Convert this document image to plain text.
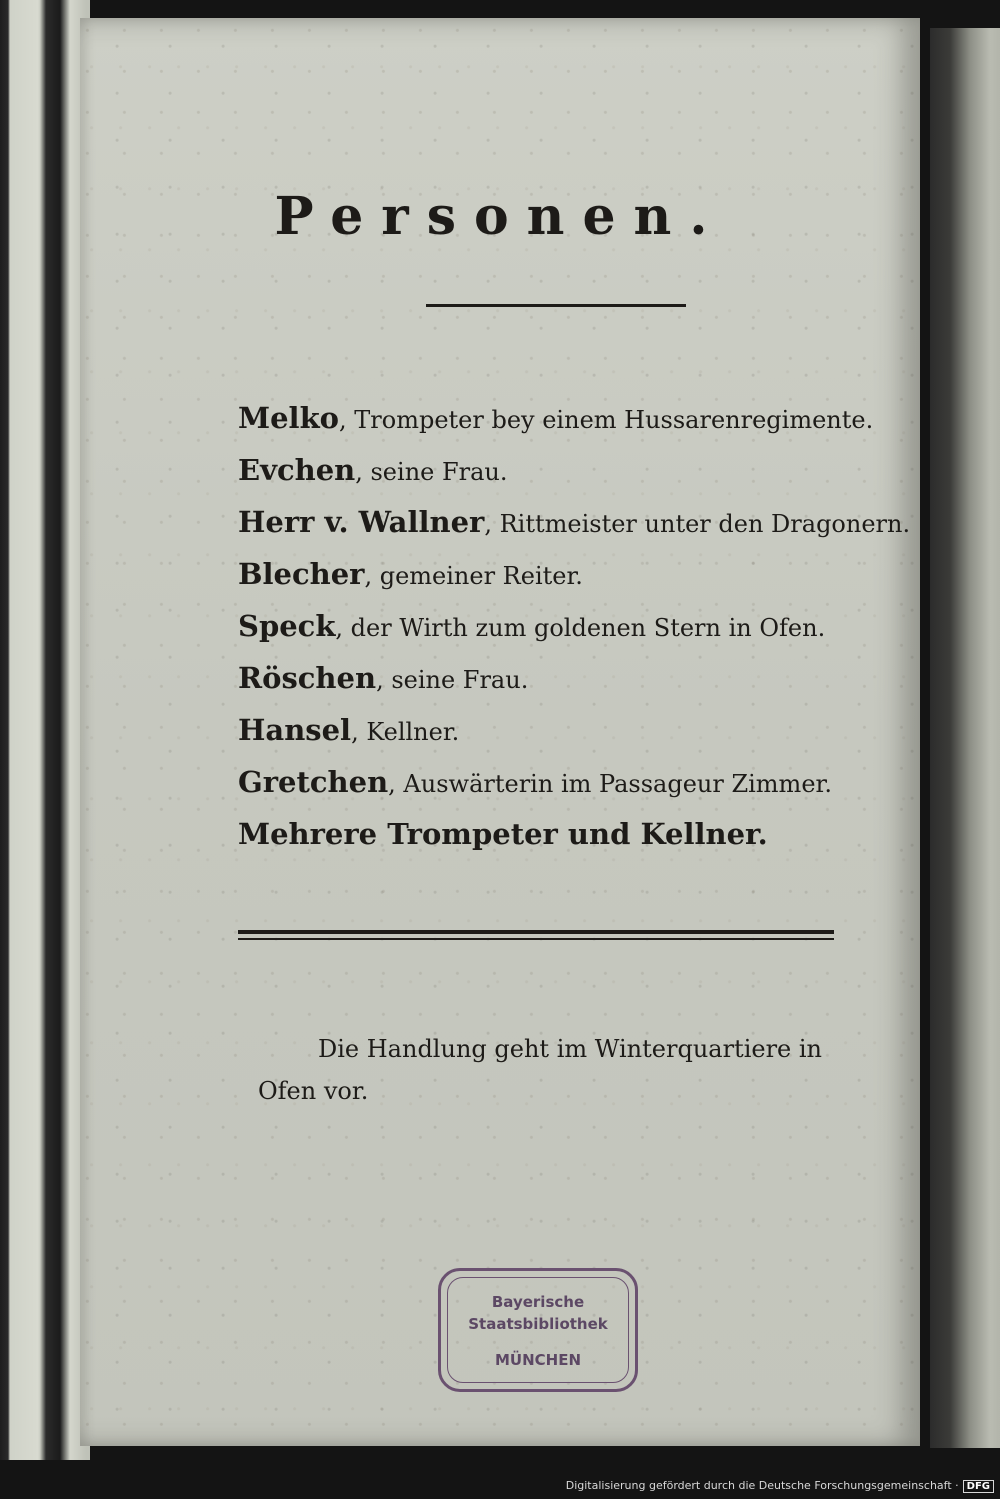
Personen.
Melko, Trompeter bey einem Hussarenregimente.
Evchen, seine Frau.
Herr v. Wallner, Rittmeister unter den Dragonern.
Blecher, gemeiner Reiter.
Speck, der Wirth zum goldenen Stern in Ofen.
Röschen, seine Frau.
Hansel, Kellner.
Gretchen, Auswärterin im Passageur Zimmer.
Mehrere Trompeter und Kellner.
Die Handlung geht im Winterquartiere in Ofen vor.
Bayerische
Staatsbibliothek
MÜNCHEN
Digitalisierung gefördert durch die Deutsche Forschungsgemeinschaft · DFG
